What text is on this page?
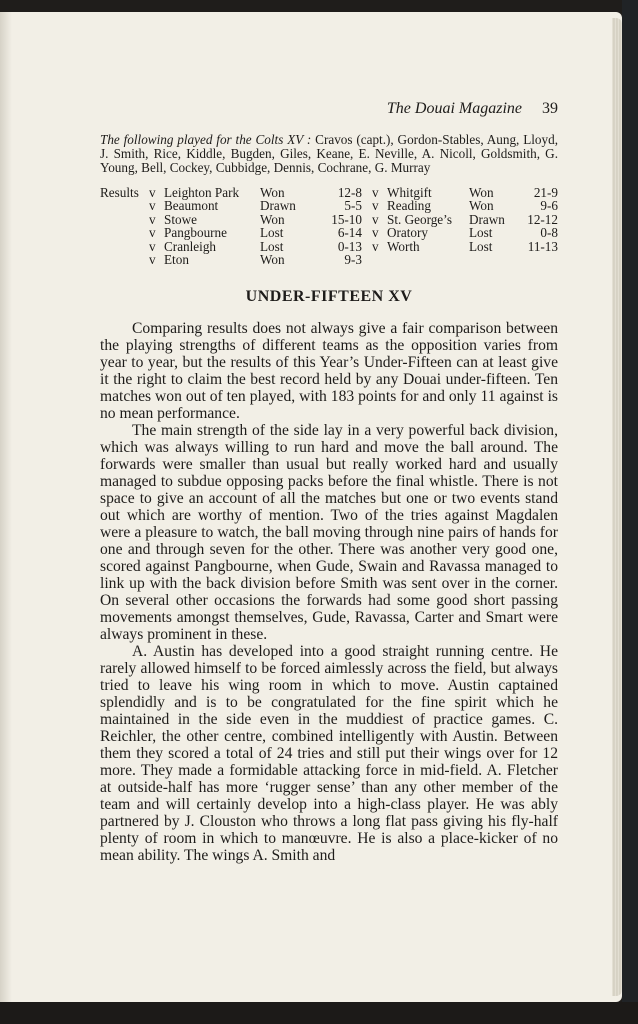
The Douai Magazine 39
The following played for the Colts XV : Cravos (capt.), Gordon-Stables, Aung, Lloyd, J. Smith, Rice, Kiddle, Bugden, Giles, Keane, E. Neville, A. Nicoll, Goldsmith, G. Young, Bell, Cockey, Cubbidge, Dennis, Cochrane, G. Murray
Results	v	Leighton Park	Won	12-8	v	Whitgift	Won	21-9
	v	Beaumont	Drawn	5-5	v	Reading	Won	9-6
	v	Stowe	Won	15-10	v	St. George’s	Drawn	12-12
	v	Pangbourne	Lost	6-14	v	Oratory	Lost	0-8
	v	Cranleigh	Lost	0-13	v	Worth	Lost	11-13
	v	Eton	Won	9-3				
UNDER-FIFTEEN XV

Comparing results does not always give a fair comparison between the playing strengths of different teams as the opposition varies from year to year, but the results of this Year’s Under-Fifteen can at least give it the right to claim the best record held by any Douai under-fifteen. Ten matches won out of ten played, with 183 points for and only 11 against is no mean performance.

The main strength of the side lay in a very powerful back division, which was always willing to run hard and move the ball around. The forwards were smaller than usual but really worked hard and usually managed to subdue opposing packs before the final whistle. There is not space to give an account of all the matches but one or two events stand out which are worthy of mention. Two of the tries against Magdalen were a pleasure to watch, the ball moving through nine pairs of hands for one and through seven for the other. There was another very good one, scored against Pangbourne, when Gude, Swain and Ravassa managed to link up with the back division before Smith was sent over in the corner. On several other occasions the forwards had some good short passing movements amongst themselves, Gude, Ravassa, Carter and Smart were always prominent in these.

A. Austin has developed into a good straight running centre. He rarely allowed himself to be forced aimlessly across the field, but always tried to leave his wing room in which to move. Austin captained splendidly and is to be congratulated for the fine spirit which he maintained in the side even in the muddiest of practice games. C. Reichler, the other centre, combined intelligently with Austin. Between them they scored a total of 24 tries and still put their wings over for 12 more. They made a formidable attacking force in mid-field. A. Fletcher at outside-half has more ‘rugger sense’ than any other member of the team and will certainly develop into a high-class player. He was ably partnered by J. Clouston who throws a long flat pass giving his fly-half plenty of room in which to manœuvre. He is also a place-kicker of no mean ability. The wings A. Smith and
